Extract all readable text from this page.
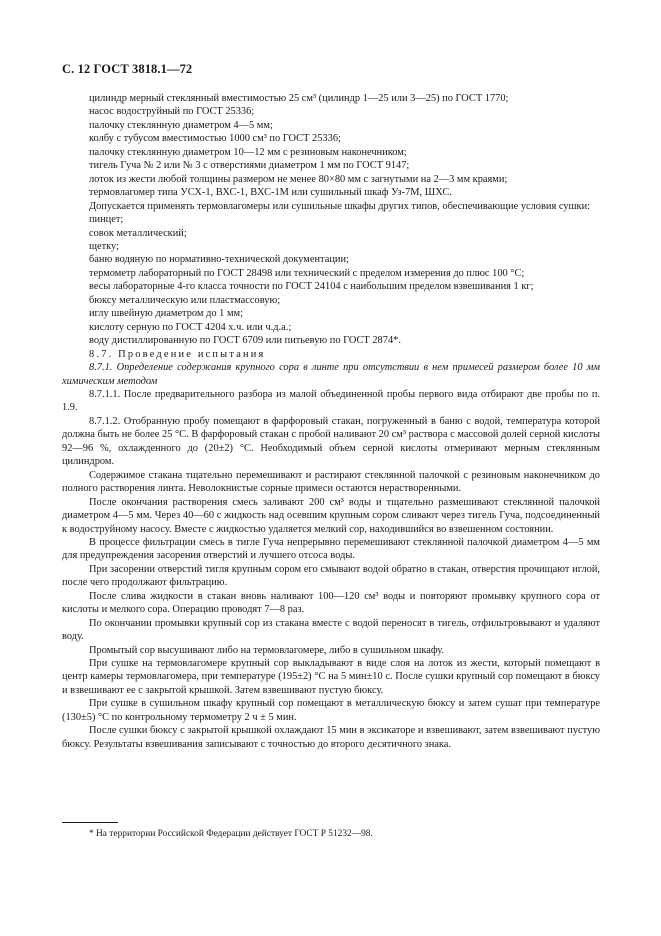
С. 12 ГОСТ 3818.1—72

цилиндр мерный стеклянный вместимостью 25 см³ (цилиндр 1—25 или 3—25) по ГОСТ 1770;

насос водоструйный по ГОСТ 25336;

палочку стеклянную диаметром 4—5 мм;

колбу с тубусом вместимостью 1000 см³ по ГОСТ 25336;

палочку стеклянную диаметром 10—12 мм с резиновым наконечником;

тигель Гуча № 2 или № 3 с отверстиями диаметром 1 мм по ГОСТ 9147;

лоток из жести любой толщины размером не менее 80×80 мм с загнутыми на 2—3 мм краями;

термовлагомер типа УСХ-1, ВХС-1, ВХС-1М или сушильный шкаф Уз-7М, ШХС.

Допускается применять термовлагомеры или сушильные шкафы других типов, обеспечивающие условия сушки:

пинцет;

совок металлический;

щетку;

баню водяную по нормативно-технической документации;

термометр лабораторный по ГОСТ 28498 или технический с пределом измерения до плюс 100 °С;

весы лабораторные 4-го класса точности по ГОСТ 24104 с наибольшим пределом взвешивания 1 кг;

бюксу металлическую или пластмассовую;

иглу швейную диаметром до 1 мм;

кислоту серную по ГОСТ 4204 х.ч. или ч.д.а.;

воду дистиллированную по ГОСТ 6709 или питьевую по ГОСТ 2874*.

8.7. Проведение испытания

8.7.1. Определение содержания крупного сора в линте при отсутствии в нем примесей размером более 10 мм химическим методом

8.7.1.1. После предварительного разбора из малой объединенной пробы первого вида отбирают две пробы по п. 1.9.

8.7.1.2. Отобранную пробу помещают в фарфоровый стакан, погруженный в баню с водой, температура которой должна быть не более 25 °С. В фарфоровый стакан с пробой наливают 20 см³ раствора с массовой долей серной кислоты 92—96 %, охлажденного до (20±2) °С. Необходимый объем серной кислоты отмеривают мерным стеклянным цилиндром.

Содержимое стакана тщательно перемешивают и растирают стеклянной палочкой с резиновым наконечником до полного растворения линта. Неволокнистые сорные примеси остаются нерастворенными.

После окончания растворения смесь заливают 200 см³ воды и тщательно размешивают стеклянной палочкой диаметром 4—5 мм. Через 40—60 с жидкость над осевшим крупным сором сливают через тигель Гуча, подсоединенный к водоструйному насосу. Вместе с жидкостью удаляется мелкий сор, находившийся во взвешенном состоянии.

В процессе фильтрации смесь в тигле Гуча непрерывно перемешивают стеклянной палочкой диаметром 4—5 мм для предупреждения засорения отверстий и лучшего отсоса воды.

При засорении отверстий тигля крупным сором его смывают водой обратно в стакан, отверстия прочищают иглой, после чего продолжают фильтрацию.

После слива жидкости в стакан вновь наливают 100—120 см³ воды и повторяют промывку крупного сора от кислоты и мелкого сора. Операцию проводят 7—8 раз.

По окончании промывки крупный сор из стакана вместе с водой переносят в тигель, отфильтровывают и удаляют воду.

Промытый сор высушивают либо на термовлагомере, либо в сушильном шкафу.

При сушке на термовлагомере крупный сор выкладывают в виде слоя на лоток из жести, который помещают в центр камеры термовлагомера, при температуре (195±2) °С на 5 мин±10 с. После сушки крупный сор помещают в бюксу и взвешивают ее с закрытой крышкой. Затем взвешивают пустую бюксу.

При сушке в сушильном шкафу крупный сор помещают в металлическую бюксу и затем сушат при температуре (130±5) °С по контрольному термометру 2 ч ± 5 мин.

После сушки бюксу с закрытой крышкой охлаждают 15 мин в эксикаторе и взвешивают, затем взвешивают пустую бюксу. Результаты взвешивания записывают с точностью до второго десятичного знака.

* На территории Российской Федерации действует ГОСТ Р 51232—98.
